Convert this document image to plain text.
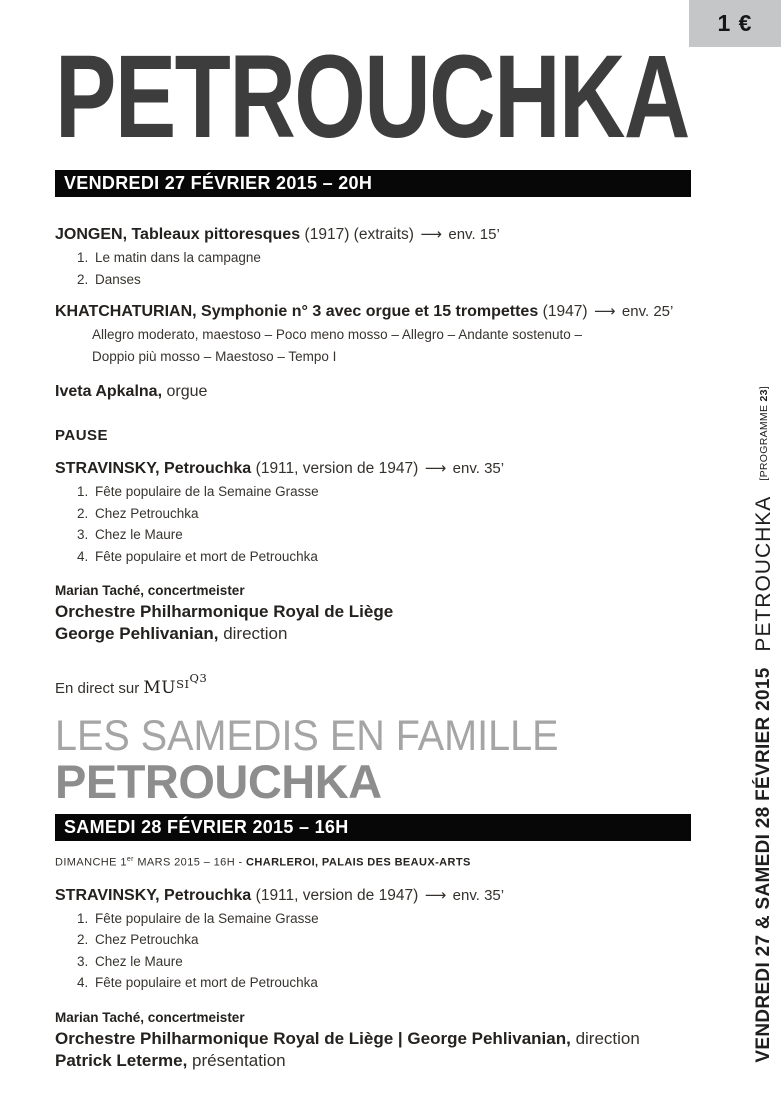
1 €
PETROUCHKA
VENDREDI 27 FÉVRIER 2015 – 20H
JONGEN, Tableaux pittoresques (1917) (extraits) ⟶ env. 15’
1. Le matin dans la campagne
2. Danses
KHATCHATURIAN, Symphonie n° 3 avec orgue et 15 trompettes (1947) ⟶ env. 25’
Allegro moderato, maestoso – Poco meno mosso – Allegro – Andante sostenuto –
Doppio più mosso – Maestoso – Tempo I
Iveta Apkalna, orgue
PAUSE
STRAVINSKY, Petrouchka (1911, version de 1947) ⟶ env. 35’
1. Fête populaire de la Semaine Grasse
2. Chez Petrouchka
3. Chez le Maure
4. Fête populaire et mort de Petrouchka
Marian Taché, concertmeister
Orchestre Philharmonique Royal de Liège
George Pehlivanian, direction
En direct sur $MU^{SIQ3}$
LES SAMEDIS EN FAMILLE
PETROUCHKA
SAMEDI 28 FÉVRIER 2015 – 16H
DIMANCHE 1er MARS 2015 – 16H - CHARLEROI, PALAIS DES BEAUX-ARTS
STRAVINSKY, Petrouchka (1911, version de 1947) ⟶ env. 35’
1. Fête populaire de la Semaine Grasse
2. Chez Petrouchka
3. Chez le Maure
4. Fête populaire et mort de Petrouchka
Marian Taché, concertmeister
Orchestre Philharmonique Royal de Liège | George Pehlivanian, direction
Patrick Leterme, présentation	VENDREDI 27 & SAMEDI 28 FÉVRIER 2015 PETROUCHKA [PROGRAMME 23]
